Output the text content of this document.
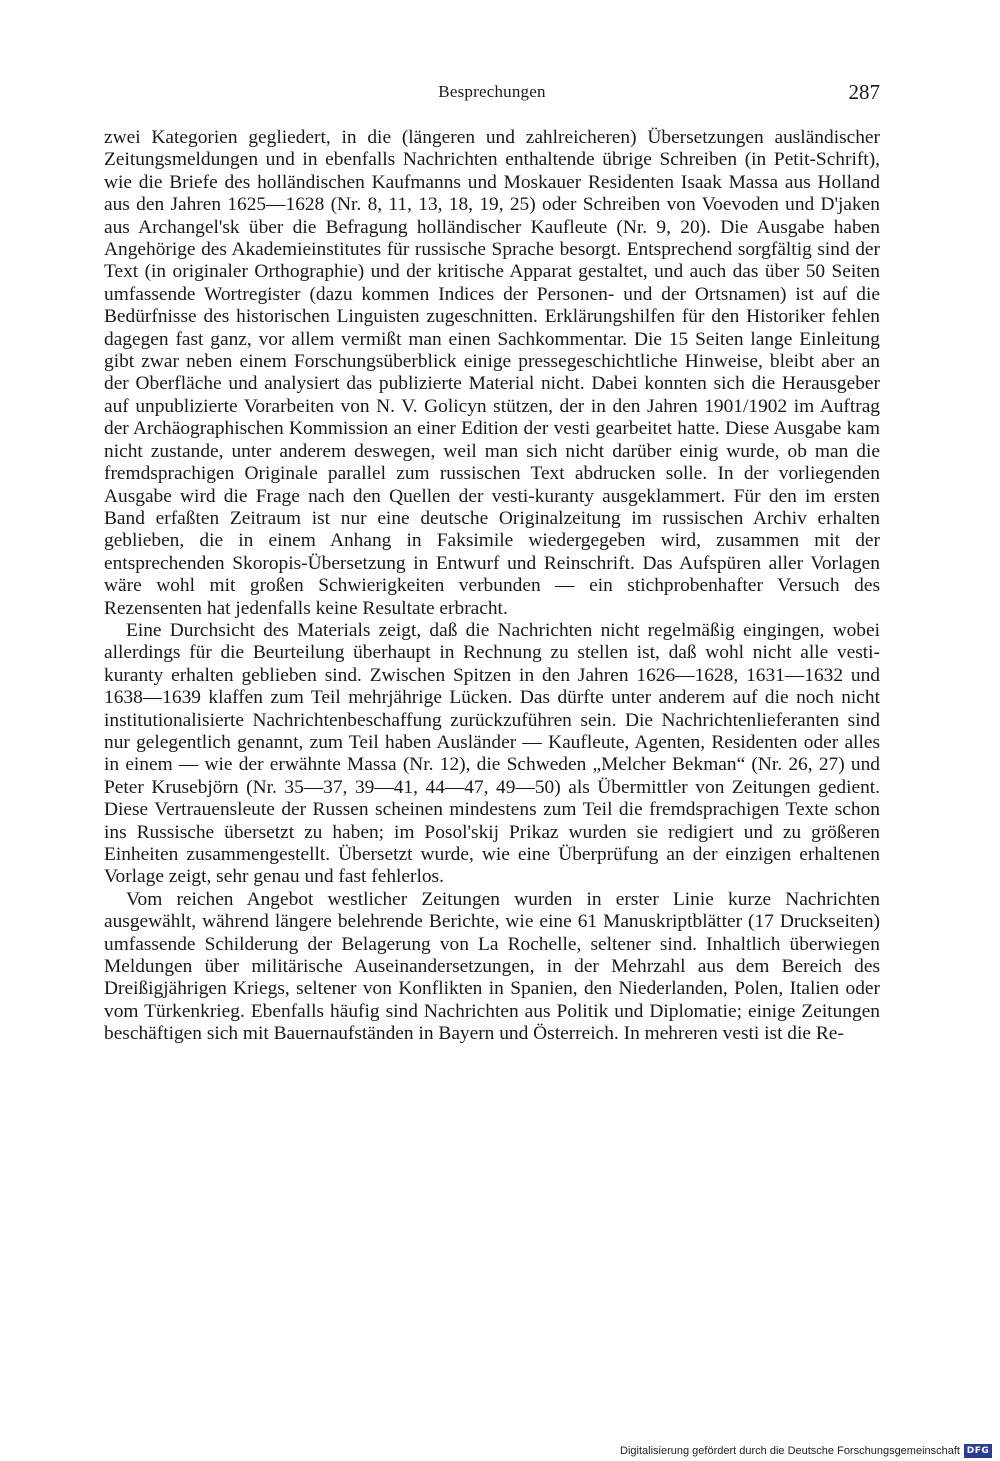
Besprechungen	287

zwei Kategorien gegliedert, in die (längeren und zahlreicheren) Übersetzungen ausländischer Zeitungsmeldungen und in ebenfalls Nachrichten enthaltende übrige Schreiben (in Petit-Schrift), wie die Briefe des holländischen Kaufmanns und Moskauer Residenten Isaak Massa aus Holland aus den Jahren 1625—1628 (Nr. 8, 11, 13, 18, 19, 25) oder Schreiben von Voevoden und D'jaken aus Archangel'sk über die Befragung holländischer Kaufleute (Nr. 9, 20). Die Ausgabe haben Angehörige des Akademieinstitutes für russische Sprache besorgt. Entsprechend sorgfältig sind der Text (in originaler Orthographie) und der kritische Apparat gestaltet, und auch das über 50 Seiten umfassende Wortregister (dazu kommen Indices der Personen- und der Ortsnamen) ist auf die Bedürfnisse des historischen Linguisten zugeschnitten. Erklärungshilfen für den Historiker fehlen dagegen fast ganz, vor allem vermißt man einen Sachkommentar. Die 15 Seiten lange Einleitung gibt zwar neben einem Forschungsüberblick einige pressegeschichtliche Hinweise, bleibt aber an der Oberfläche und analysiert das publizierte Material nicht. Dabei konnten sich die Herausgeber auf unpublizierte Vorarbeiten von N. V. Golicyn stützen, der in den Jahren 1901/1902 im Auftrag der Archäographischen Kommission an einer Edition der vesti gearbeitet hatte. Diese Ausgabe kam nicht zustande, unter anderem deswegen, weil man sich nicht darüber einig wurde, ob man die fremdsprachigen Originale parallel zum russischen Text abdrucken solle. In der vorliegenden Ausgabe wird die Frage nach den Quellen der vesti-kuranty ausgeklammert. Für den im ersten Band erfaßten Zeitraum ist nur eine deutsche Originalzeitung im russischen Archiv erhalten geblieben, die in einem Anhang in Faksimile wiedergegeben wird, zusammen mit der entsprechenden Skoropis-Übersetzung in Entwurf und Reinschrift. Das Aufspüren aller Vorlagen wäre wohl mit großen Schwierigkeiten verbunden — ein stichprobenhafter Versuch des Rezensenten hat jedenfalls keine Resultate erbracht.

Eine Durchsicht des Materials zeigt, daß die Nachrichten nicht regelmäßig eingingen, wobei allerdings für die Beurteilung überhaupt in Rechnung zu stellen ist, daß wohl nicht alle vesti-kuranty erhalten geblieben sind. Zwischen Spitzen in den Jahren 1626—1628, 1631—1632 und 1638—1639 klaffen zum Teil mehrjährige Lücken. Das dürfte unter anderem auf die noch nicht institutionalisierte Nachrichtenbeschaffung zurückzuführen sein. Die Nachrichtenlieferanten sind nur gelegentlich genannt, zum Teil haben Ausländer — Kaufleute, Agenten, Residenten oder alles in einem — wie der erwähnte Massa (Nr. 12), die Schweden „Melcher Bekman“ (Nr. 26, 27) und Peter Krusebjörn (Nr. 35—37, 39—41, 44—47, 49—50) als Übermittler von Zeitungen gedient. Diese Vertrauensleute der Russen scheinen mindestens zum Teil die fremdsprachigen Texte schon ins Russische übersetzt zu haben; im Posol'skij Prikaz wurden sie redigiert und zu größeren Einheiten zusammengestellt. Übersetzt wurde, wie eine Überprüfung an der einzigen erhaltenen Vorlage zeigt, sehr genau und fast fehlerlos.

Vom reichen Angebot westlicher Zeitungen wurden in erster Linie kurze Nachrichten ausgewählt, während längere belehrende Berichte, wie eine 61 Manuskriptblätter (17 Druckseiten) umfassende Schilderung der Belagerung von La Rochelle, seltener sind. Inhaltlich überwiegen Meldungen über militärische Auseinandersetzungen, in der Mehrzahl aus dem Bereich des Dreißigjährigen Kriegs, seltener von Konflikten in Spanien, den Niederlanden, Polen, Italien oder vom Türkenkrieg. Ebenfalls häufig sind Nachrichten aus Politik und Diplomatie; einige Zeitungen beschäftigen sich mit Bauernaufständen in Bayern und Österreich. In mehreren vesti ist die Re-

Digitalisierung gefördert durch die Deutsche Forschungsgemeinschaft DFG
